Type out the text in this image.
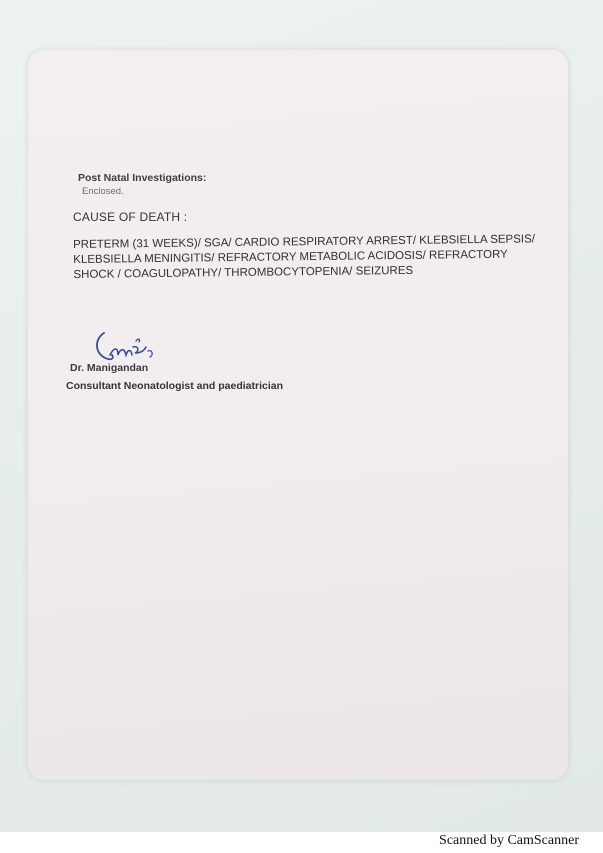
Post Natal Investigations:
Enclosed.
CAUSE OF DEATH :
PRETERM (31 WEEKS)/ SGA/ CARDIO RESPIRATORY ARREST/ KLEBSIELLA SEPSIS/
KLEBSIELLA MENINGITIS/ REFRACTORY METABOLIC ACIDOSIS/ REFRACTORY
SHOCK / COAGULOPATHY/ THROMBOCYTOPENIA/ SEIZURES
Dr. Manigandan
Consultant Neonatologist and paediatrician
Scanned by CamScanner
